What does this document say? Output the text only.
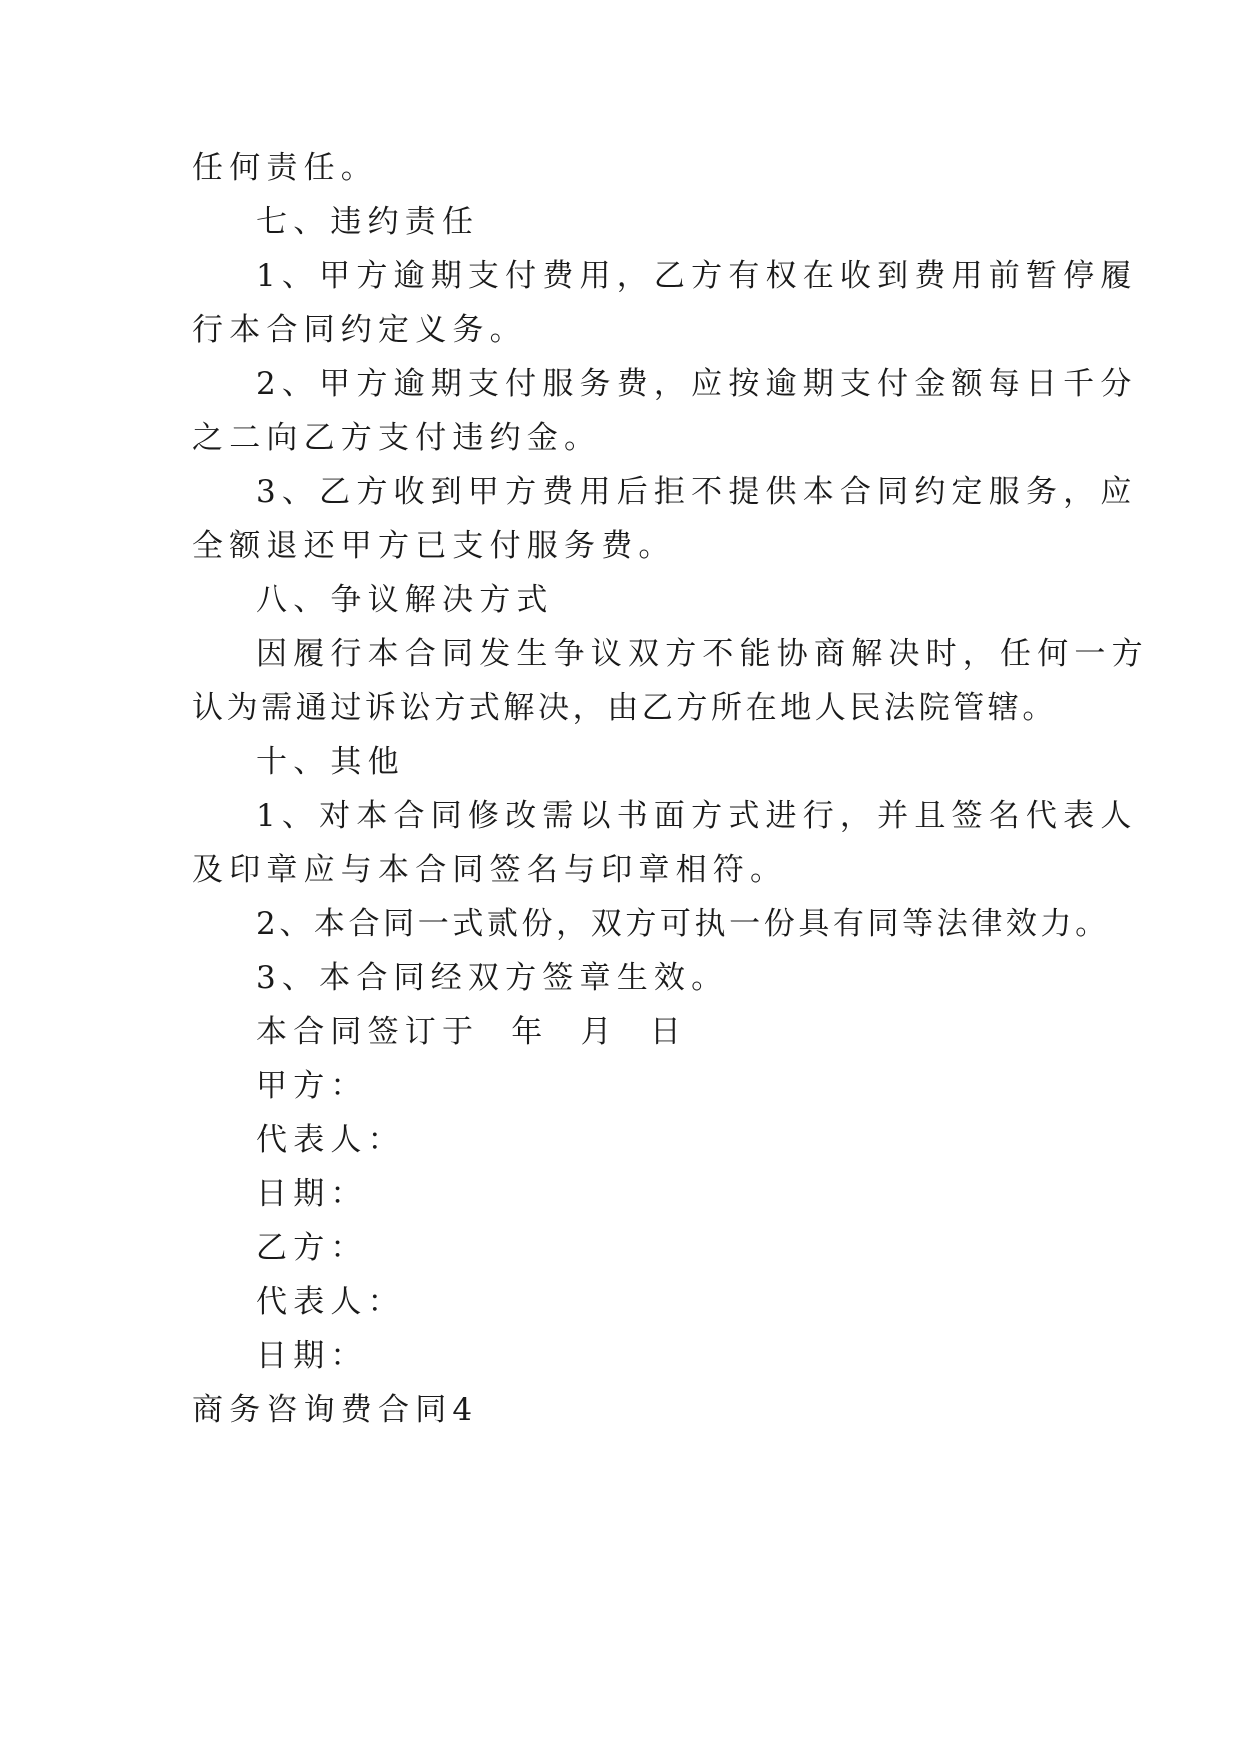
任何责任。
七、违约责任
1、甲方逾期支付费用，乙方有权在收到费用前暂停履
行本合同约定义务。
2、甲方逾期支付服务费，应按逾期支付金额每日千分
之二向乙方支付违约金。
3、乙方收到甲方费用后拒不提供本合同约定服务，应
全额退还甲方已支付服务费。
八、争议解决方式
因履行本合同发生争议双方不能协商解决时，任何一方
认为需通过诉讼方式解决，由乙方所在地人民法院管辖。
十、其他
1、对本合同修改需以书面方式进行，并且签名代表人
及印章应与本合同签名与印章相符。
2、本合同一式贰份，双方可执一份具有同等法律效力。
3、本合同经双方签章生效。
本合同签订于  年  月  日
甲方：
代表人：
日期：
乙方：
代表人：
日期：
商务咨询费合同4
